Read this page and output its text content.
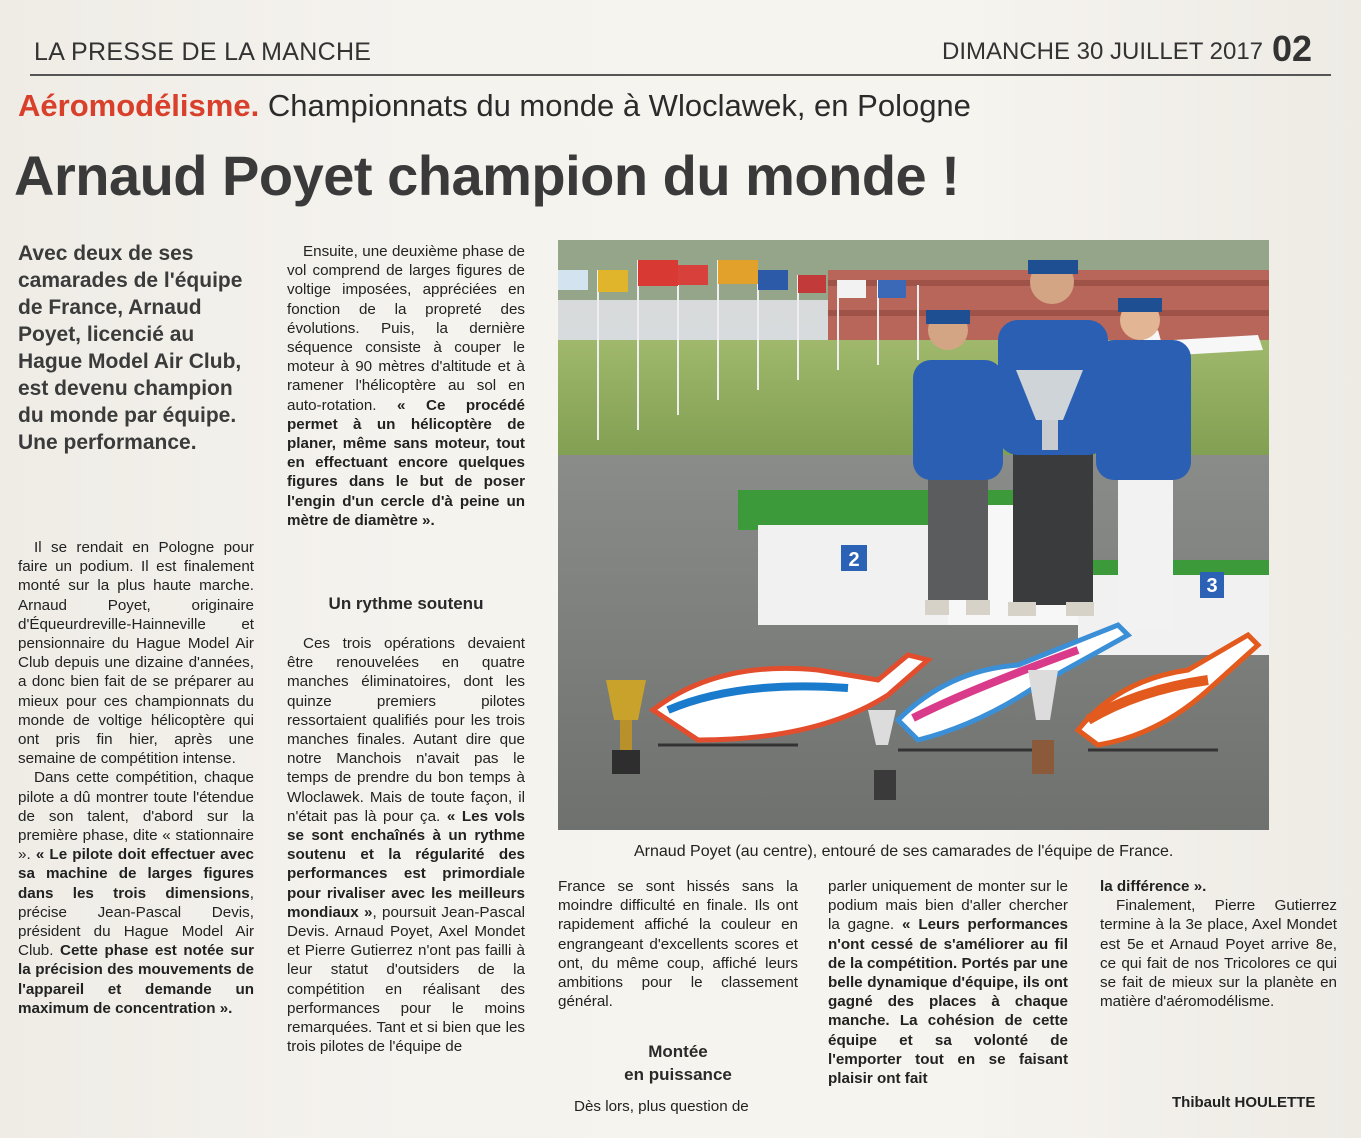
LA PRESSE DE LA MANCHE	DIMANCHE 30 JUILLET 2017 02
Aéromodélisme. Championnats du monde à Wloclawek, en Pologne
Arnaud Poyet champion du monde !

Avec deux de ses camarades de l'équipe de France, Arnaud Poyet, licencié au Hague Model Air Club, est devenu champion du monde par équipe.

Une performance.

Il se rendait en Pologne pour faire un podium. Il est finalement monté sur la plus haute marche. Arnaud Poyet, originaire d'Équeurdreville-Hainneville et pensionnaire du Hague Model Air Club depuis une dizaine d'années, a donc bien fait de se préparer au mieux pour ces championnats du monde de voltige hélicoptère qui ont pris fin hier, après une semaine de compétition intense.

Dans cette compétition, chaque pilote a dû montrer toute l'étendue de son talent, d'abord sur la première phase, dite « stationnaire ». « Le pilote doit effectuer avec sa machine de larges figures dans les trois dimensions, précise Jean-Pascal Devis, président du Hague Model Air Club. Cette phase est notée sur la précision des mouvements de l'appareil et demande un maximum de concentration ».

Ensuite, une deuxième phase de vol comprend de larges figures de voltige imposées, appréciées en fonction de la propreté des évolutions. Puis, la dernière séquence consiste à couper le moteur à 90 mètres d'altitude et à ramener l'hélicoptère au sol en auto-rotation. « Ce procédé permet à un hélicoptère de planer, même sans moteur, tout en effectuant encore quelques figures dans le but de poser l'engin d'un cercle d'à peine un mètre de diamètre ».

Un rythme soutenu

Ces trois opérations devaient être renouvelées en quatre manches éliminatoires, dont les quinze premiers pilotes ressortaient qualifiés pour les trois manches finales. Autant dire que notre Manchois n'avait pas le temps de prendre du bon temps à Wloclawek. Mais de toute façon, il n'était pas là pour ça. « Les vols se sont enchaînés à un rythme soutenu et la régularité des performances est primordiale pour rivaliser avec les meilleurs mondiaux », poursuit Jean-Pascal Devis. Arnaud Poyet, Axel Mondet et Pierre Gutierrez n'ont pas failli à leur statut d'outsiders de la compétition en réalisant des performances pour le moins remarquées. Tant et si bien que les trois pilotes de l'équipe de

2
3
Arnaud Poyet (au centre), entouré de ses camarades de l'équipe de France.

France se sont hissés sans la moindre difficulté en finale. Ils ont rapidement affiché la couleur en engrangeant d'excellents scores et ont, du même coup, affiché leurs ambitions pour le classement général.

Montée
en puissance

Dès lors, plus question de

parler uniquement de monter sur le podium mais bien d'aller chercher la gagne. « Leurs performances n'ont cessé de s'améliorer au fil de la compétition. Portés par une belle dynamique d'équipe, ils ont gagné des places à chaque manche. La cohésion de cette équipe et sa volonté de l'emporter tout en se faisant plaisir ont fait

la différence ».

Finalement, Pierre Gutierrez termine à la 3e place, Axel Mondet est 5e et Arnaud Poyet arrive 8e, ce qui fait de nos Tricolores ce qui se fait de mieux sur la planète en matière d'aéromodélisme.

Thibault HOULETTE
